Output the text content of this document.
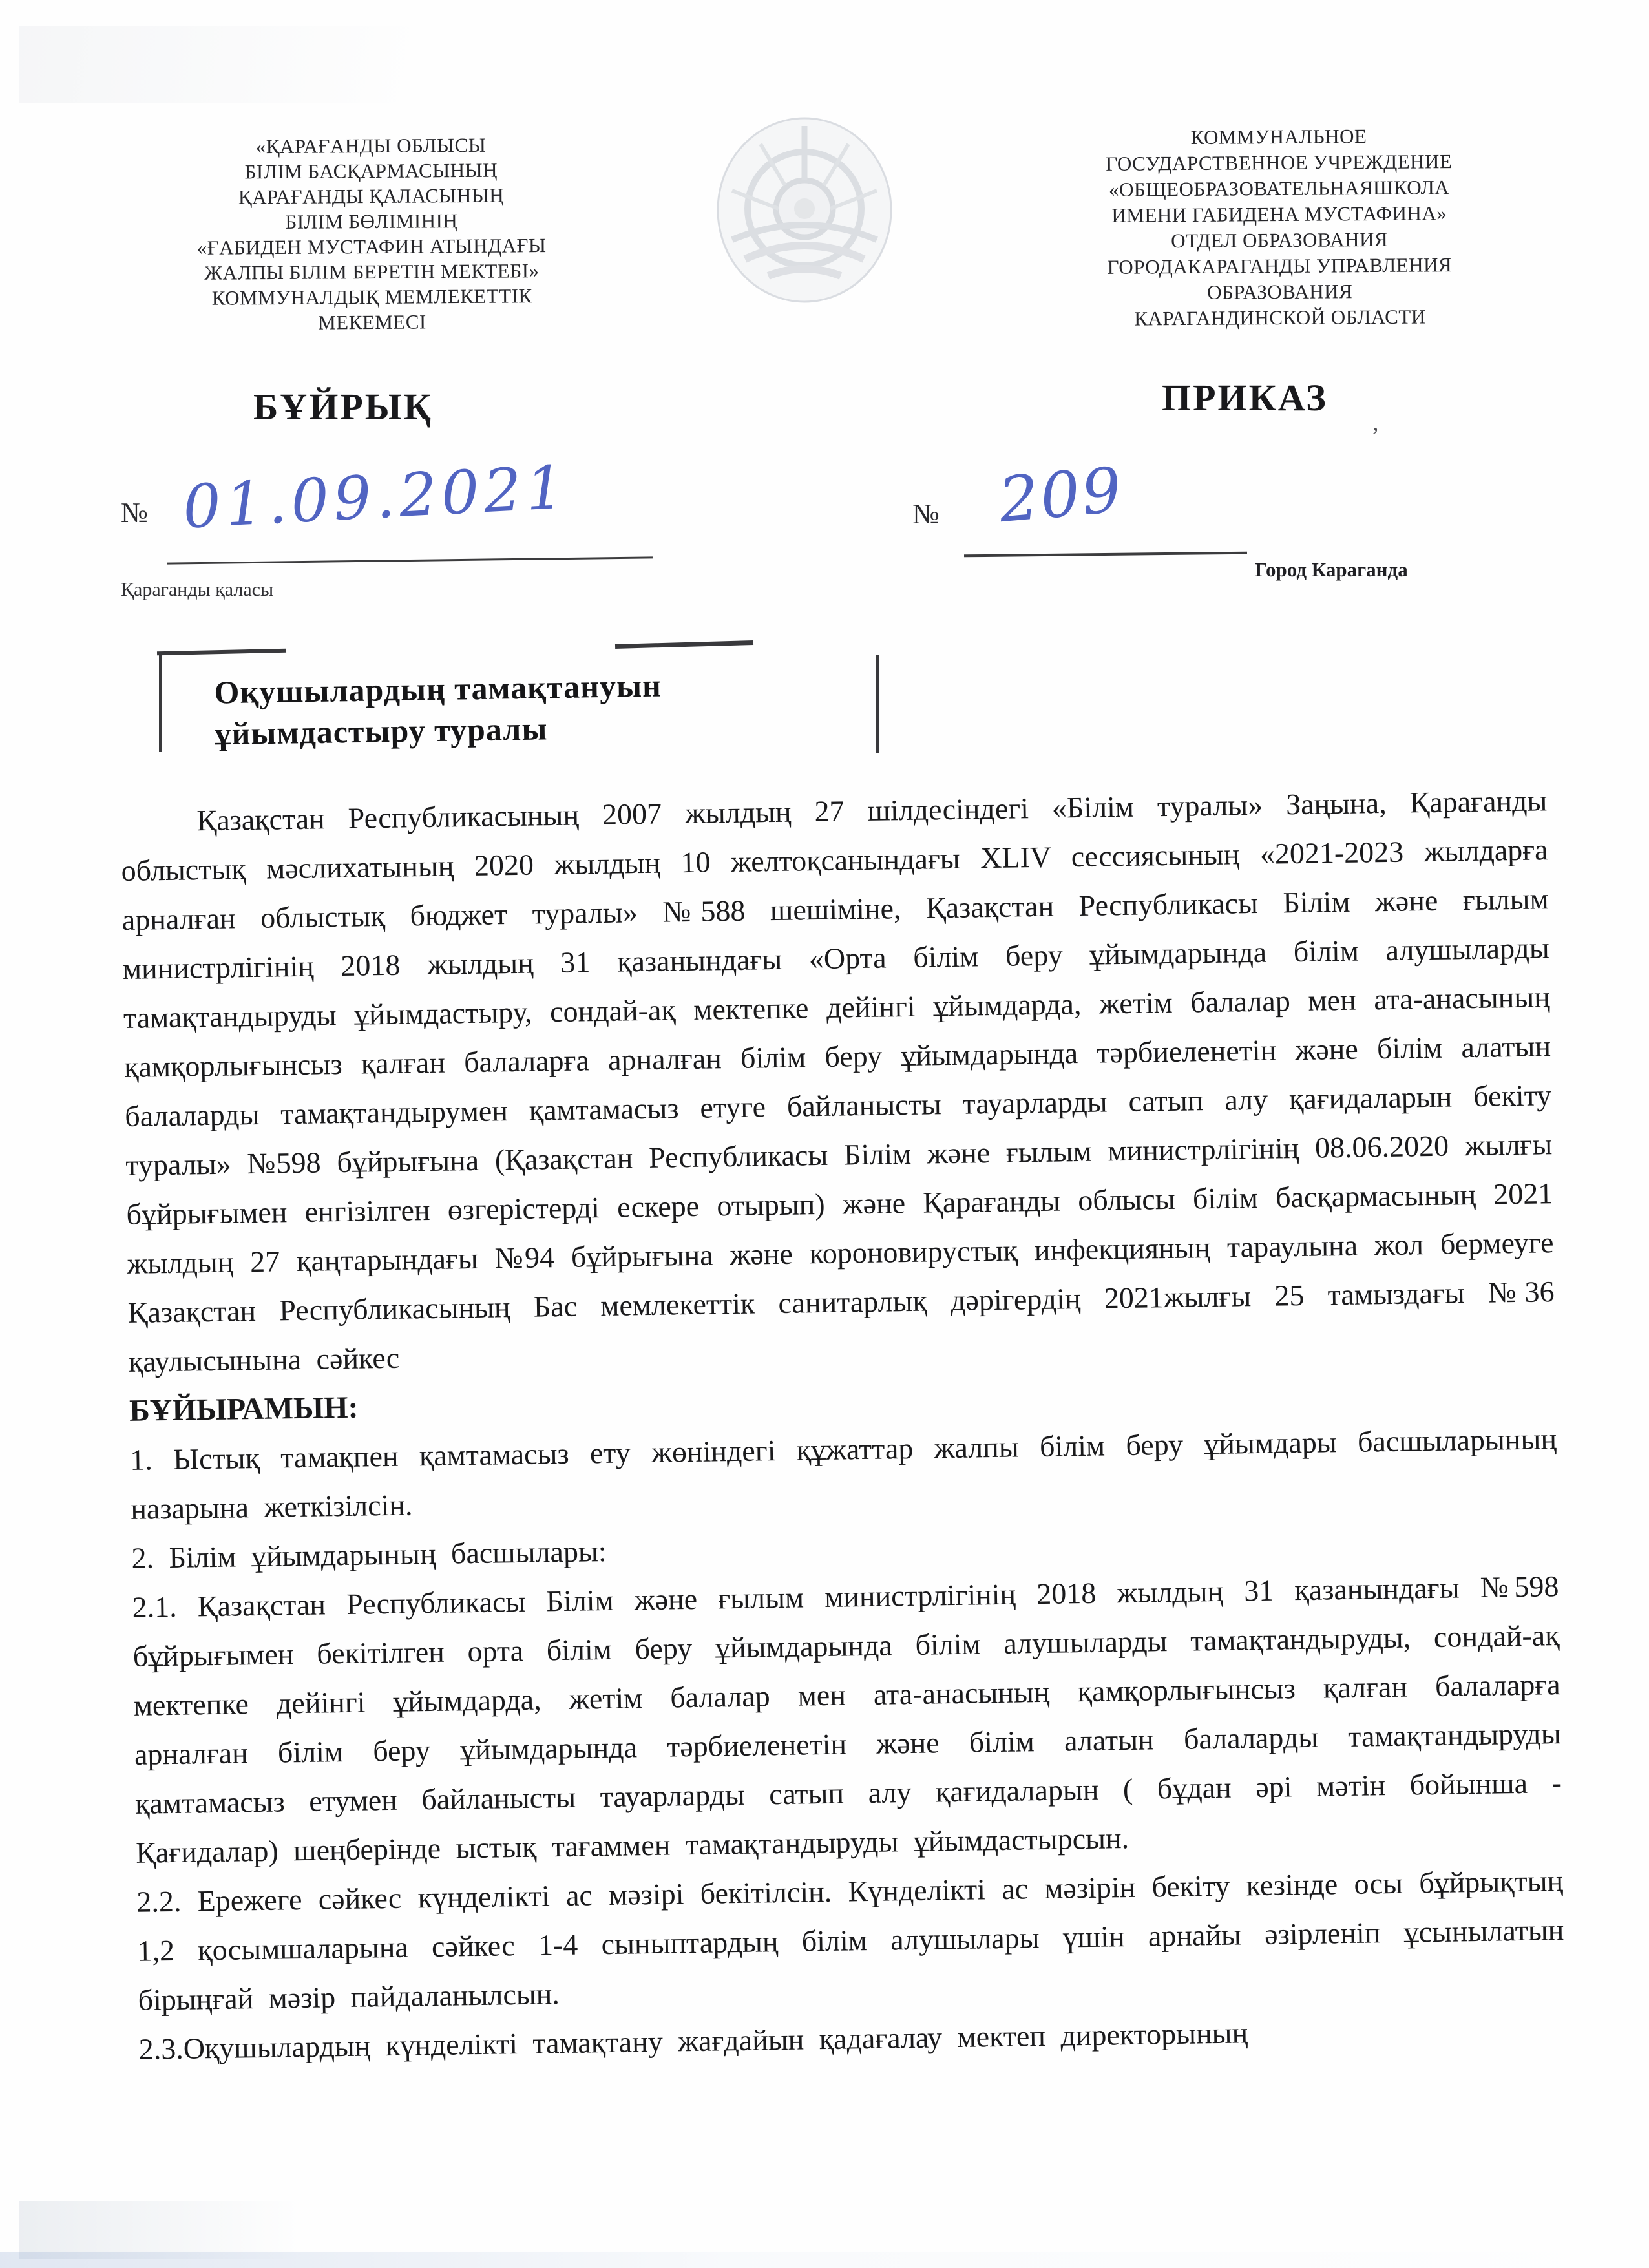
«ҚАРАҒАНДЫ ОБЛЫСЫ
БІЛІМ БАСҚАРМАСЫНЫҢ
ҚАРАҒАНДЫ ҚАЛАСЫНЫҢ
БІЛІМ БӨЛІМІНІҢ
«ҒАБИДЕН МУСТАФИН АТЫНДАҒЫ
ЖАЛПЫ БІЛІМ БЕРЕТІН МЕКТЕБІ»
КОММУНАЛДЫҚ МЕМЛЕКЕТТІК
МЕКЕМЕСІ
КОММУНАЛЬНОЕ
ГОСУДАРСТВЕННОЕ УЧРЕЖДЕНИЕ
«ОБЩЕОБРАЗОВАТЕЛЬНАЯШКОЛА
ИМЕНИ ГАБИДЕНА МУСТАФИНА»
ОТДЕЛ ОБРАЗОВАНИЯ
ГОРОДАКАРАГАНДЫ УПРАВЛЕНИЯ
ОБРАЗОВАНИЯ
КАРАГАНДИНСКОЙ ОБЛАСТИ
БҰЙРЫҚ	ПРИКАЗ
,
№ 01.09.2021	№ 209
Қараганды қаласы
Город Караганда
Оқушылардың тамақтануын
ұйымдастыру туралы

Қазақстан Республикасының 2007 жылдың 27 шілдесіндегі «Білім туралы» Заңына, Қарағанды облыстық мәслихатының 2020 жылдың 10 желтоқсанындағы XLIV сессиясының «2021-2023 жылдарға арналған облыстық бюджет туралы» №588 шешіміне, Қазақстан Республикасы Білім және ғылым министрлігінің 2018 жылдың 31 қазанындағы «Орта білім беру ұйымдарында білім алушыларды тамақтандыруды ұйымдастыру, сондай-ақ мектепке дейінгі ұйымдарда, жетім балалар мен ата-анасының қамқорлығынсыз қалған балаларға арналған білім беру ұйымдарында тәрбиеленетін және білім алатын балаларды тамақтандырумен қамтамасыз етуге байланысты тауарларды сатып алу қағидаларын бекіту туралы» №598 бұйрығына (Қазақстан Республикасы Білім және ғылым министрлігінің 08.06.2020 жылғы бұйрығымен енгізілген өзгерістерді ескере отырып) және Қарағанды облысы білім басқармасының 2021 жылдың 27 қаңтарындағы №94 бұйрығына және короновирустық инфекцияның тараулына жол бермеуге Қазақстан Республикасының Бас мемлекеттік санитарлық дәрігердің 2021жылғы 25 тамыздағы №36 қаулысынына сәйкес

БҰЙЫРАМЫН:

1. Ыстық тамақпен қамтамасыз ету жөніндегі құжаттар жалпы білім беру ұйымдары басшыларының назарына жеткізілсін.

2. Білім ұйымдарының басшылары:

2.1. Қазақстан Республикасы Білім және ғылым министрлігінің 2018 жылдың 31 қазанындағы №598 бұйрығымен бекітілген орта білім беру ұйымдарында білім алушыларды тамақтандыруды, сондай-ақ мектепке дейінгі ұйымдарда, жетім балалар мен ата-анасының қамқорлығынсыз қалған балаларға арналған білім беру ұйымдарында тәрбиеленетін және білім алатын балаларды тамақтандыруды қамтамасыз етумен байланысты тауарларды сатып алу қағидаларын ( бұдан әрі мәтін бойынша - Қағидалар) шеңберінде ыстық тағаммен тамақтандыруды ұйымдастырсын.

2.2. Ережеге сәйкес күнделікті ас мәзірі бекітілсін. Күнделікті ас мәзірін бекіту кезінде осы бұйрықтың 1,2 қосымшаларына сәйкес 1-4 сыныптардың білім алушылары үшін арнайы әзірленіп ұсынылатын бірыңғай мәзір пайдаланылсын.

2.3.Оқушылардың күнделікті тамақтану жағдайын қадағалау мектеп директорының
